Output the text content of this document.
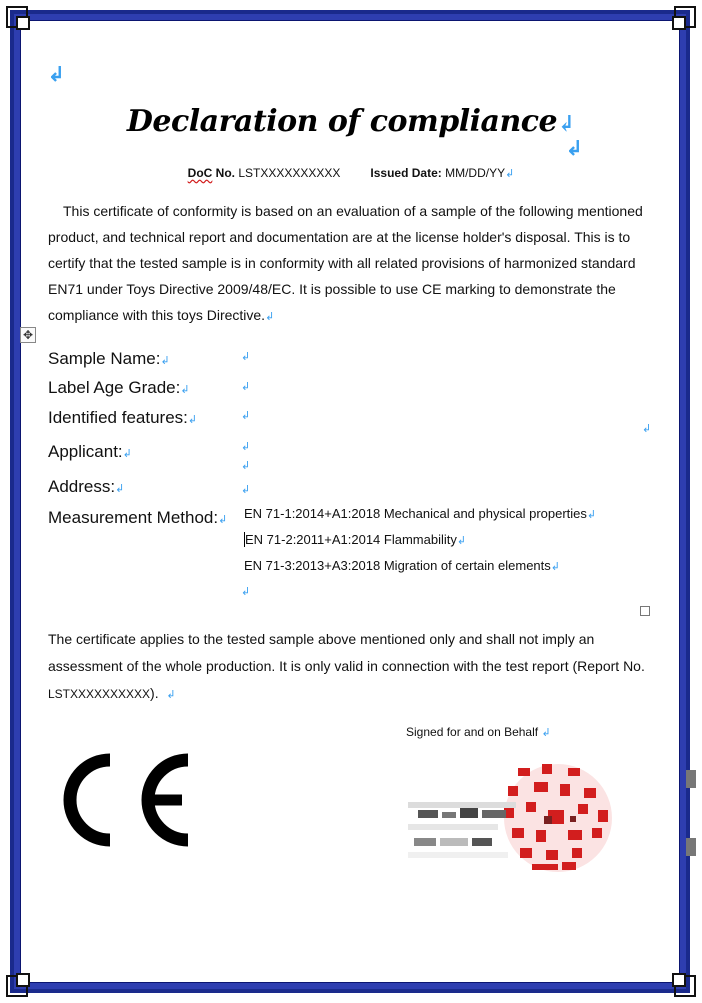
↲
↲
Declaration of compliance↲
DoC No. LSTXXXXXXXXXX	Issued Date: MM/DD/YY↲

This certificate of conformity is based on an evaluation of a sample of the following mentioned product, and technical report and documentation are at the license holder's disposal. This is to certify that the tested sample is in conformity with all related provisions of harmonized standard EN71 under Toys Directive 2009/48/EC. It is possible to use CE marking to demonstrate the compliance with this toys Directive.↲

✥
Sample Name:↲	↲
Label Age Grade:↲	↲
Identified features:↲	↲
↲
Applicant:↲
↲
↲
Address:↲	↲
Measurement Method:↲ EN 71-1:2014+A1:2018 Mechanical and physical properties↲
EN 71-2:2011+A1:2014 Flammability↲
EN 71-3:2013+A3:2018 Migration of certain elements↲
↲

The certificate applies to the tested sample above mentioned only and shall not imply an assessment of the whole production. It is only valid in connection with the test report (Report No. LSTXXXXXXXXXX). ↲

Signed for and on Behalf ↲
